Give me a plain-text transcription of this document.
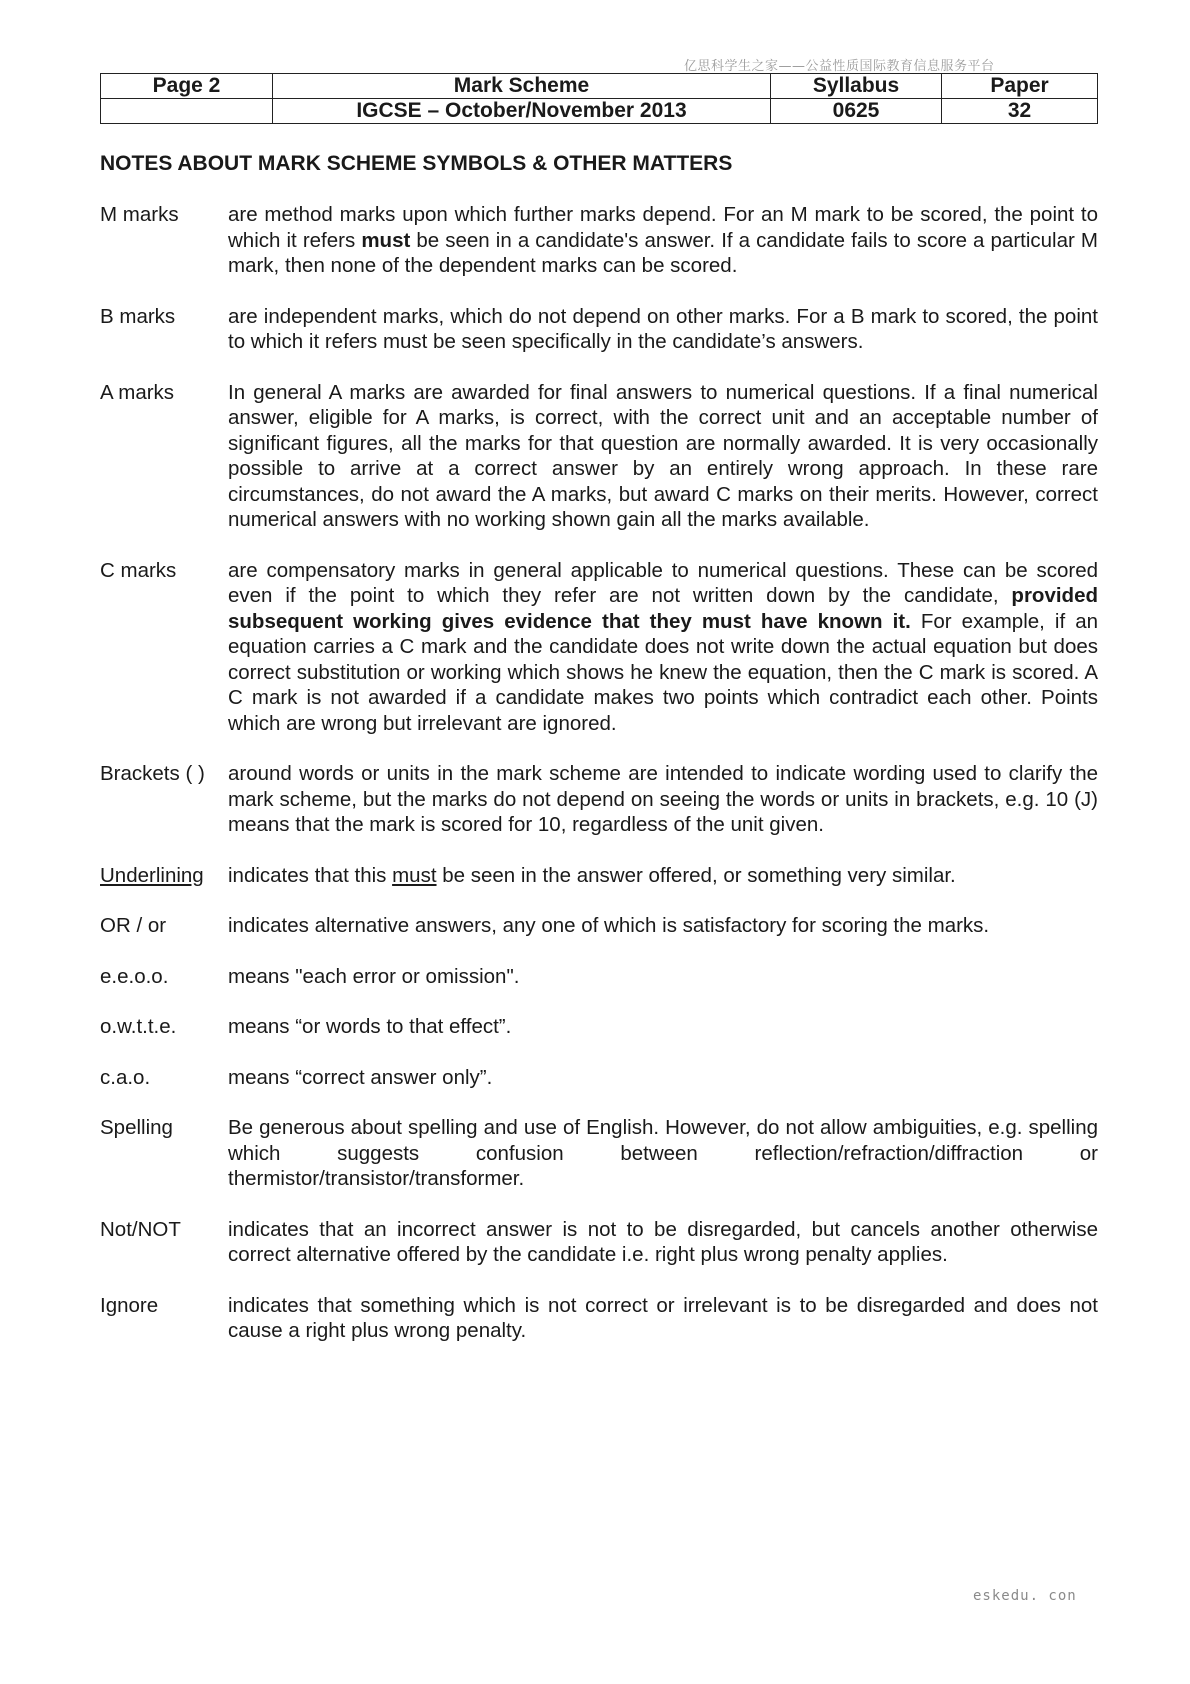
亿思科学生之家——公益性质国际教育信息服务平台
Page 2	Mark Scheme	Syllabus	Paper
	IGCSE – October/November 2013	0625	32
NOTES ABOUT MARK SCHEME SYMBOLS & OTHER MATTERS
M marks	are method marks upon which further marks depend. For an M mark to be scored, the point to which it refers must be seen in a candidate's answer. If a candidate fails to score a particular M mark, then none of the dependent marks can be scored.
B marks	are independent marks, which do not depend on other marks. For a B mark to scored, the point to which it refers must be seen specifically in the candidate’s answers.
A marks	In general A marks are awarded for final answers to numerical questions. If a final numerical answer, eligible for A marks, is correct, with the correct unit and an acceptable number of significant figures, all the marks for that question are normally awarded. It is very occasionally possible to arrive at a correct answer by an entirely wrong approach. In these rare circumstances, do not award the A marks, but award C marks on their merits. However, correct numerical answers with no working shown gain all the marks available.
C marks	are compensatory marks in general applicable to numerical questions. These can be scored even if the point to which they refer are not written down by the candidate, provided subsequent working gives evidence that they must have known it. For example, if an equation carries a C mark and the candidate does not write down the actual equation but does correct substitution or working which shows he knew the equation, then the C mark is scored. A C mark is not awarded if a candidate makes two points which contradict each other. Points which are wrong but irrelevant are ignored.
Brackets ( )	around words or units in the mark scheme are intended to indicate wording used to clarify the mark scheme, but the marks do not depend on seeing the words or units in brackets, e.g. 10 (J) means that the mark is scored for 10, regardless of the unit given.
Underlining	indicates that this must be seen in the answer offered, or something very similar.
OR / or	indicates alternative answers, any one of which is satisfactory for scoring the marks.
e.e.o.o.	means "each error or omission".
o.w.t.t.e.	means “or words to that effect”.
c.a.o.	means “correct answer only”.
Spelling	Be generous about spelling and use of English. However, do not allow ambiguities, e.g. spelling which suggests confusion between reflection/refraction/diffraction or thermistor/transistor/transformer.
Not/NOT	indicates that an incorrect answer is not to be disregarded, but cancels another otherwise correct alternative offered by the candidate i.e. right plus wrong penalty applies.
Ignore	indicates that something which is not correct or irrelevant is to be disregarded and does not cause a right plus wrong penalty.
eskedu. con
